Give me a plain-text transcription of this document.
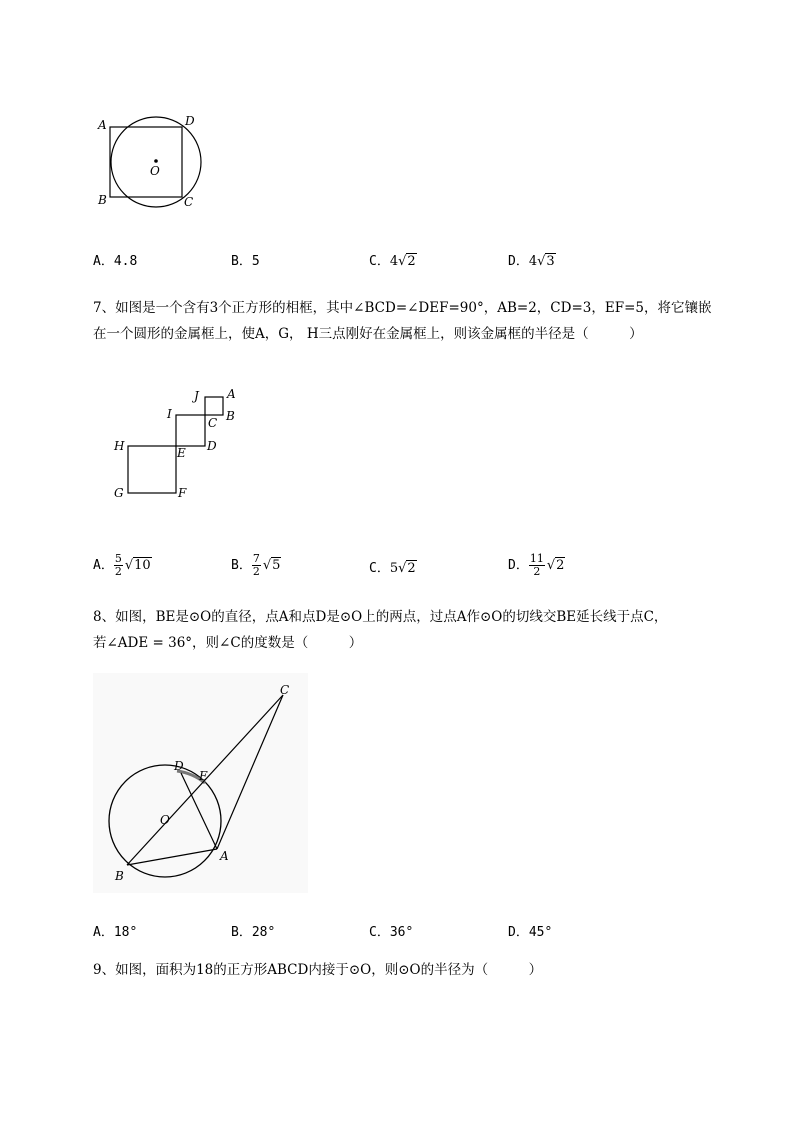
A	D
O
B	C
A．4.8	B．5	C．4√2	D．4√3
7、如图是一个含有3个正方形的相框，其中∠BCD=∠DEF=90°，AB=2，CD=3，EF=5，将它镶嵌
在一个圆形的金属框上，使A，G， H三点刚好在金属框上，则该金属框的半径是（　　　）
J A
B
C
I
D
H	E
G	F
A． $\frac{5}{2} √10$	B． $\frac{7}{2} √5$	C．5√2	D． $\frac{11}{2} √2$
8、如图，BE是⊙O的直径，点A和点D是⊙O上的两点，过点A作⊙O的切线交BE延长线于点C，
若∠ADE = 36°，则∠C的度数是（　　　）
C
D
E
O
A
B
A．18°	B．28°	C．36°	D．45°
9、如图，面积为18的正方形ABCD内接于⊙O，则⊙O的半径为（　　　）
